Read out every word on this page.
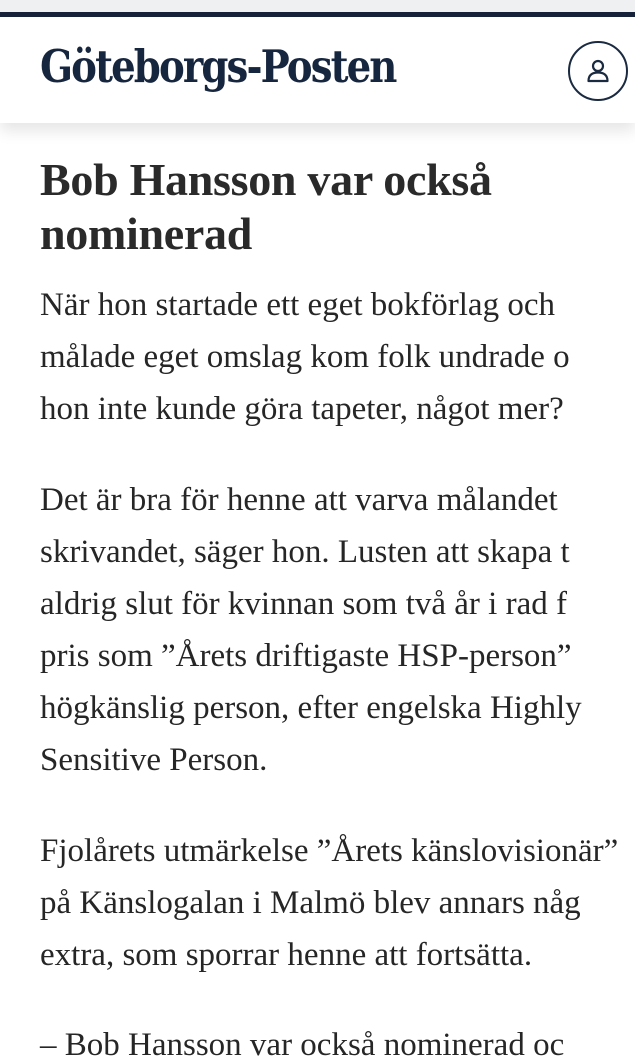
Göteborgs-Posten
Bob Hansson var också nominerad

När hon startade ett eget bokförlag och
målade eget omslag kom folk undrade o
hon inte kunde göra tapeter, något mer?

Det är bra för henne att varva målandet
skrivandet, säger hon. Lusten att skapa t
aldrig slut för kvinnan som två år i rad f
pris som ”Årets driftigaste HSP-person”
högkänslig person, efter engelska Highly
Sensitive Person.

Fjolårets utmärkelse ”Årets känslovisionär”
på Känslogalan i Malmö blev annars någ
extra, som sporrar henne att fortsätta.

– Bob Hansson var också nominerad oc
